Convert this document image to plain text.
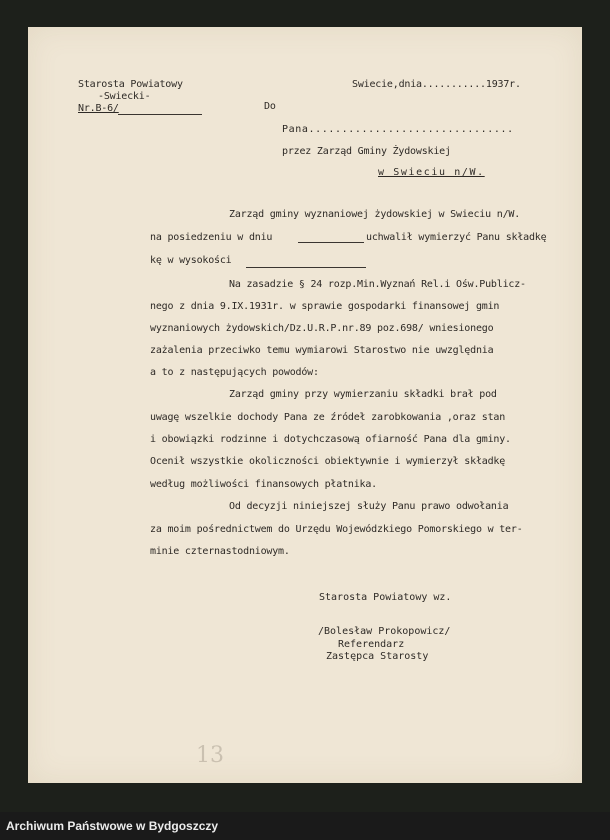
Starosta Powiatowy
-Swiecki-
Nr.B-6/
Swiecie,dnia...........1937r.
Do
Pana...............................
przez Zarząd Gminy Żydowskiej
w Swieciu n/W.
Zarząd gminy wyznaniowej żydowskiej w Swieciu n/W.
na posiedzeniu w dniu	uchwalił wymierzyć Panu składkę
kę w wysokości
Na zasadzie § 24 rozp.Min.Wyznań Rel.i Ośw.Publicz-
nego z dnia 9.IX.1931r. w sprawie gospodarki finansowej gmin
wyznaniowych żydowskich/Dz.U.R.P.nr.89 poz.698/ wniesionego
zażalenia przeciwko temu wymiarowi Starostwo nie uwzględnia
a to z następujących powodów:
Zarząd gminy przy wymierzaniu składki brał pod
uwagę wszelkie dochody Pana ze źródeł zarobkowania ,oraz stan
i obowiązki rodzinne i dotychczasową ofiarność Pana dla gminy.
Ocenił wszystkie okoliczności obiektywnie i wymierzył składkę
według możliwości finansowych płatnika.
Od decyzji niniejszej służy Panu prawo odwołania
za moim pośrednictwem do Urzędu Wojewódzkiego Pomorskiego w ter-
minie czternastodniowym.
Starosta Powiatowy wz.
/Bolesław Prokopowicz/
Referendarz
Zastępca Starosty
13
Archiwum Państwowe w Bydgoszczy
